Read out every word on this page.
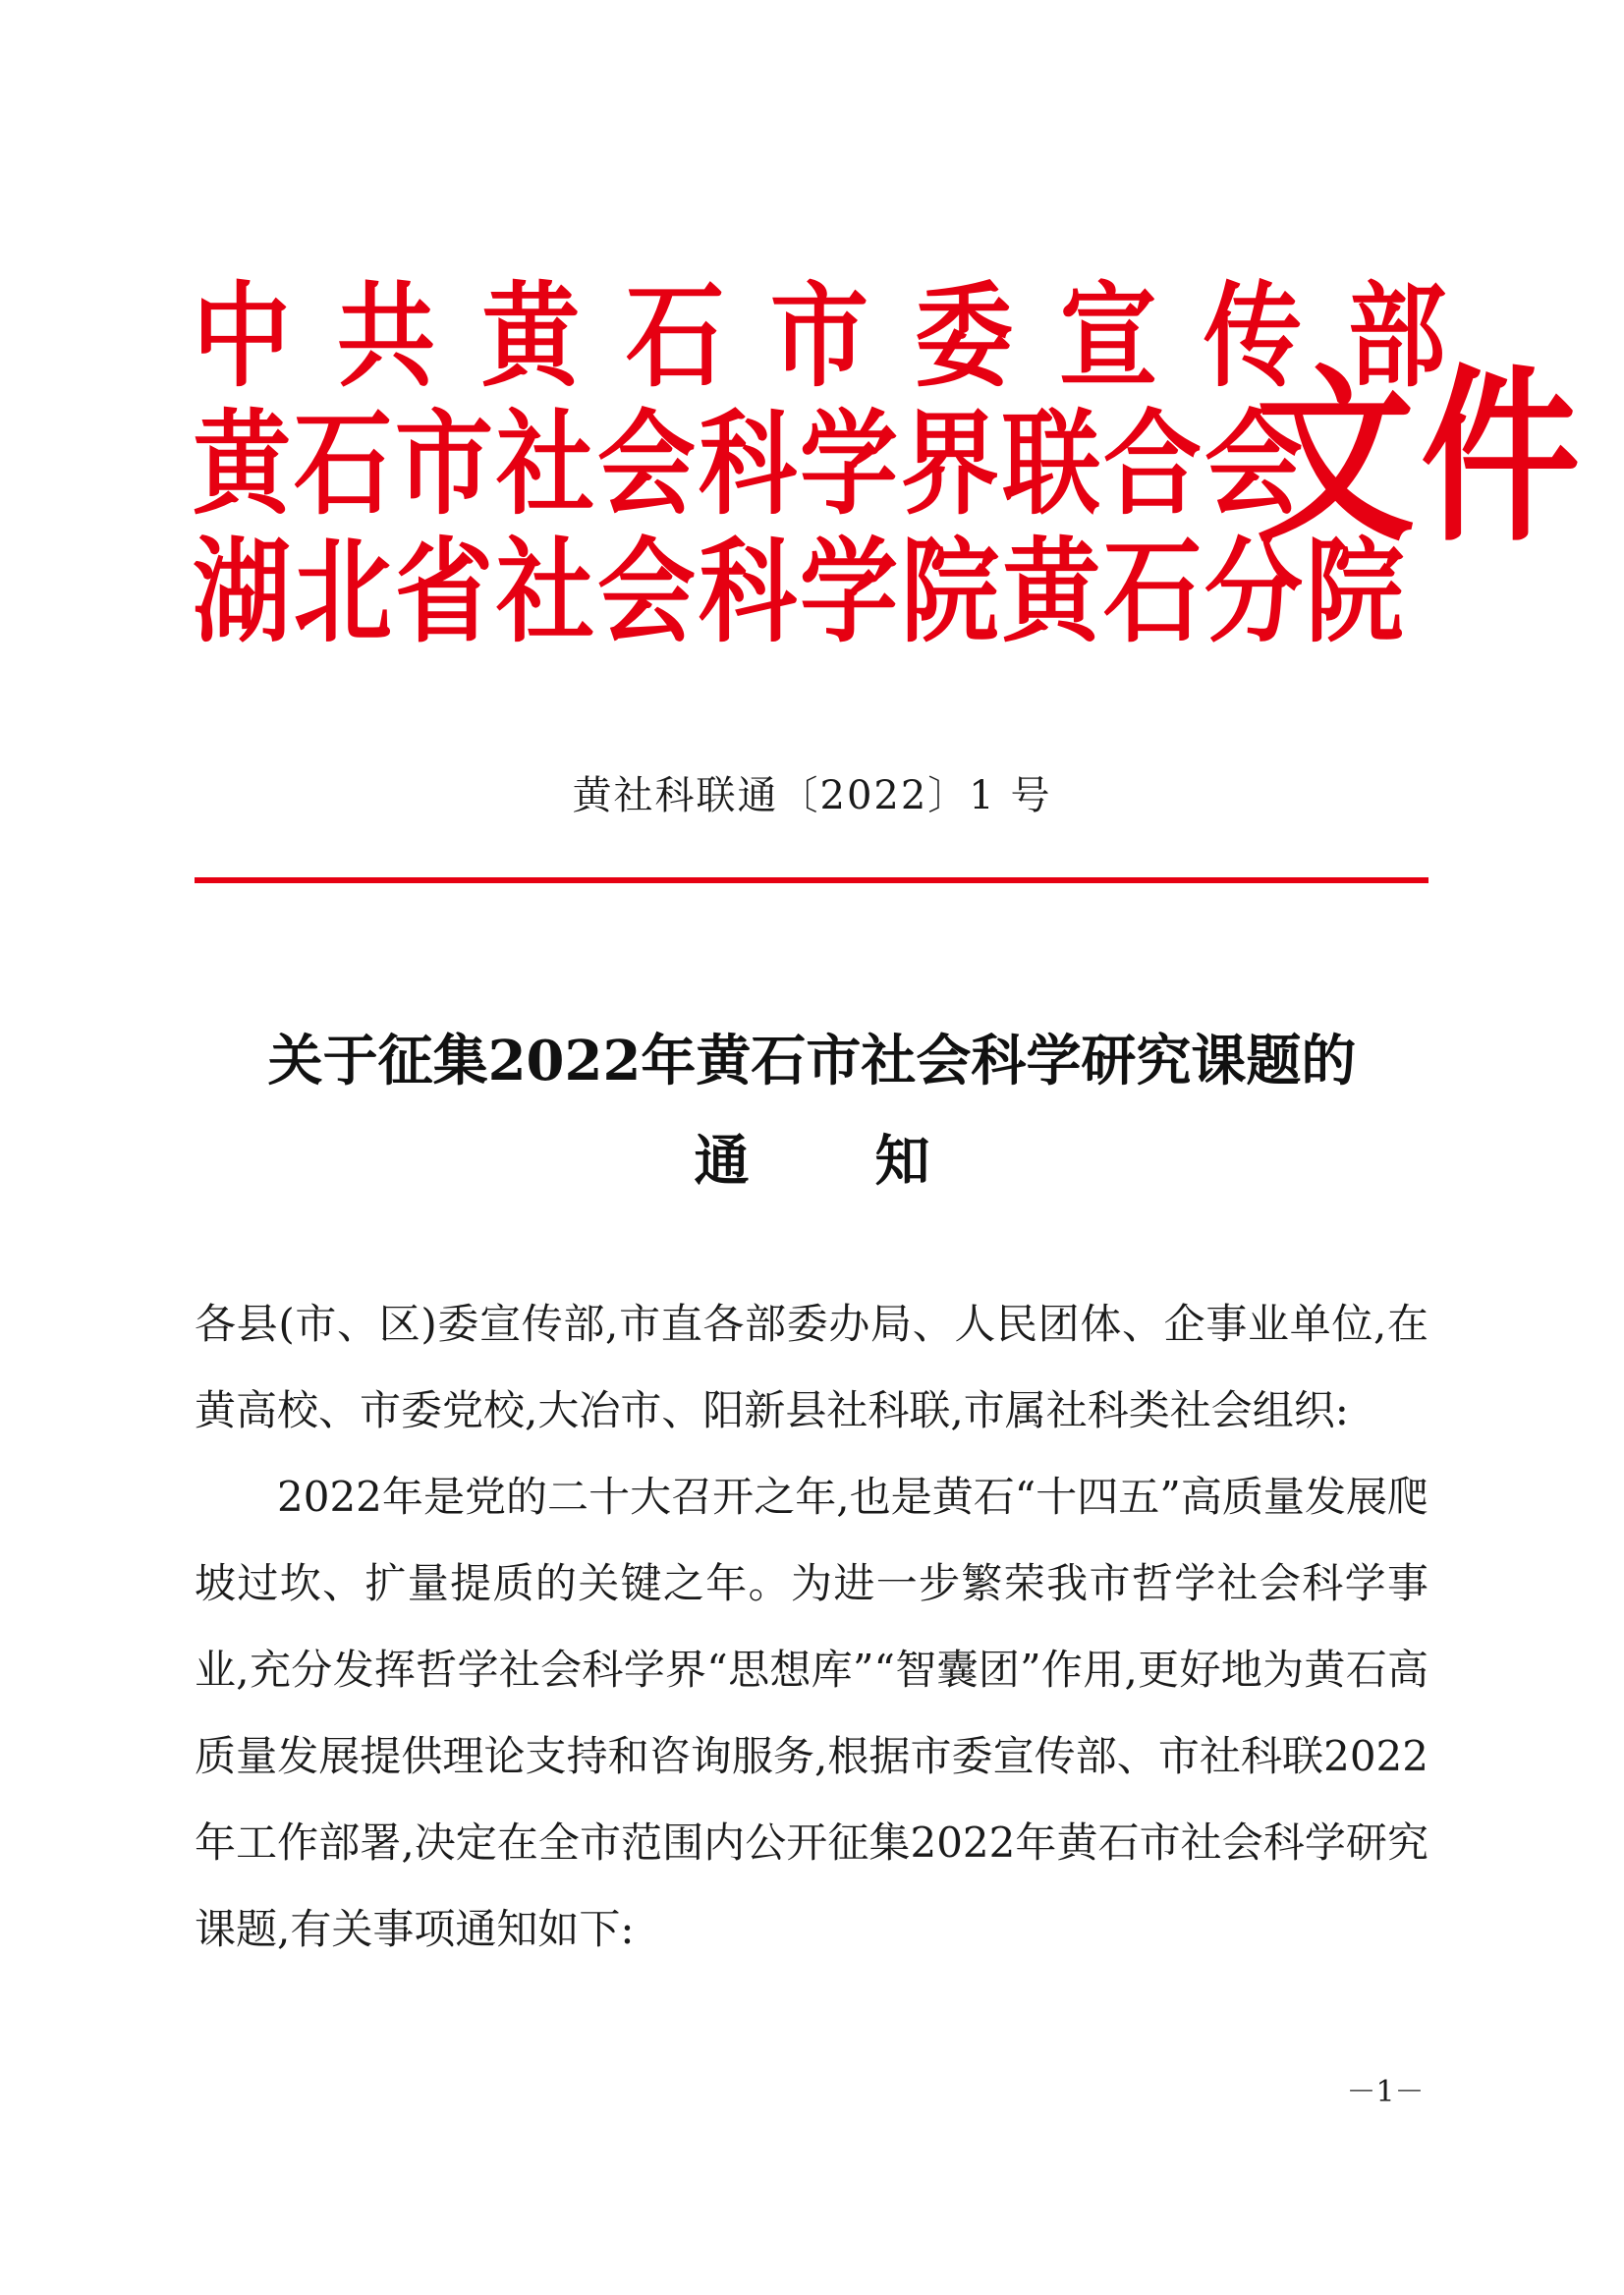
中共黄石市委宣传部
黄石市社会科学界联合会
湖北省社会科学院黄石分院
文件
黄社科联通〔2022〕1 号
关于征集2022年黄石市社会科学研究课题的
通知

各县(市、区)委宣传部,市直各部委办局、人民团体、企事业单位,在黄高校、市委党校,大冶市、阳新县社科联,市属社科类社会组织:

2022年是党的二十大召开之年,也是黄石“十四五”高质量发展爬坡过坎、扩量提质的关键之年。为进一步繁荣我市哲学社会科学事业,充分发挥哲学社会科学界“思想库”“智囊团”作用,更好地为黄石高质量发展提供理论支持和咨询服务,根据市委宣传部、市社科联2022年工作部署,决定在全市范围内公开征集2022年黄石市社会科学研究课题,有关事项通知如下:

－1－
